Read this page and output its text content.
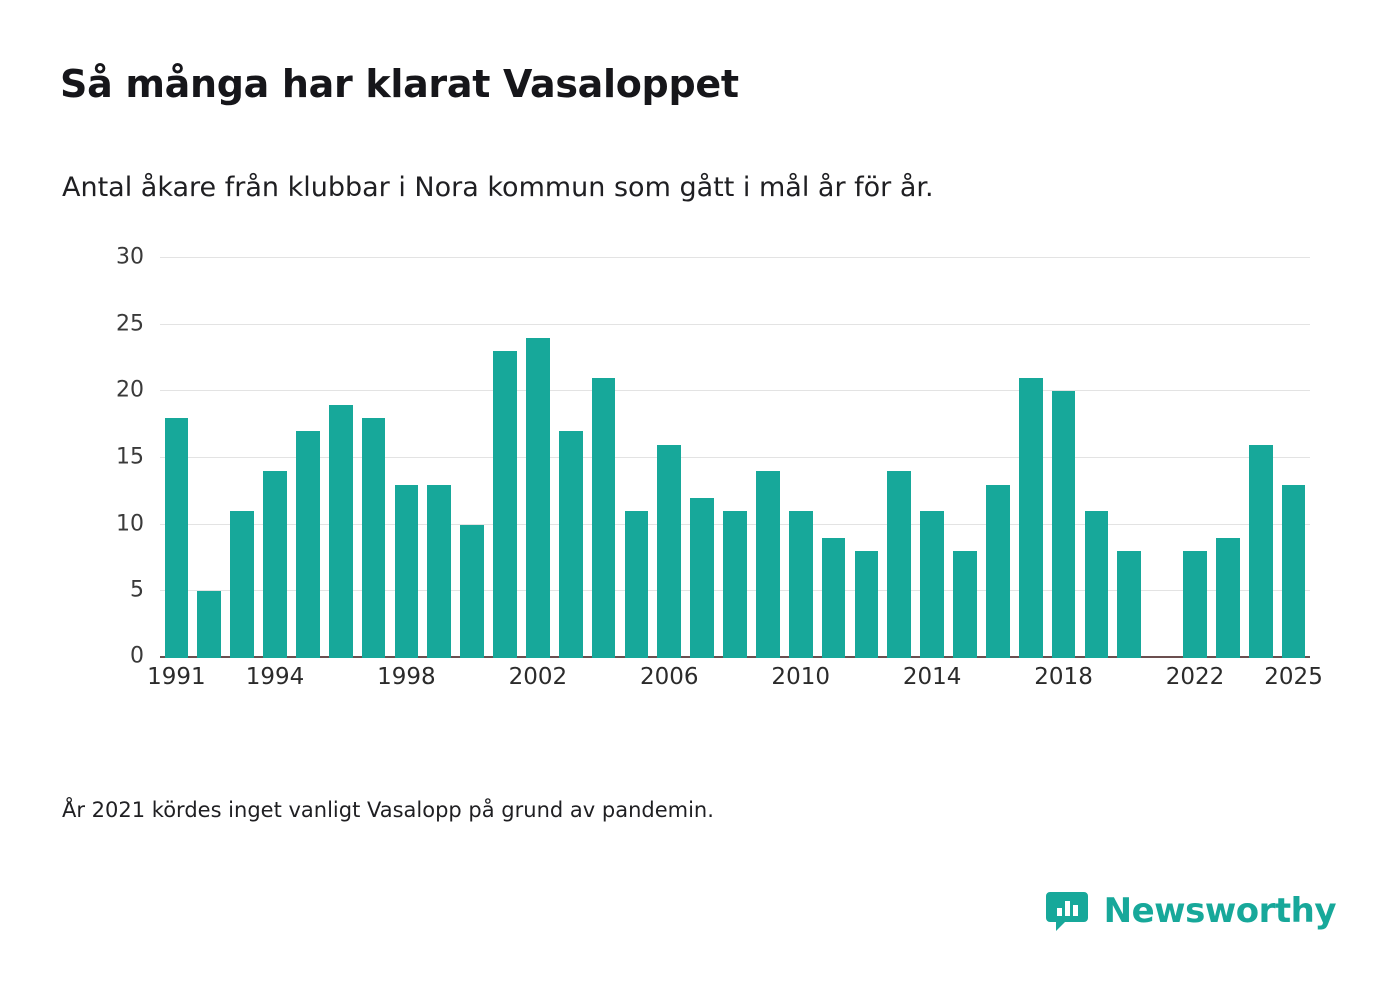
Så många har klarat Vasaloppet
Antal åkare från klubbar i Nora kommun som gått i mål år för år.
0
5
10
15
20
25
30
1991 1994	1998	2002	2006	2010	2014	2018	2022 2025
År 2021 kördes inget vanligt Vasalopp på grund av pandemin.
Newsworthy
